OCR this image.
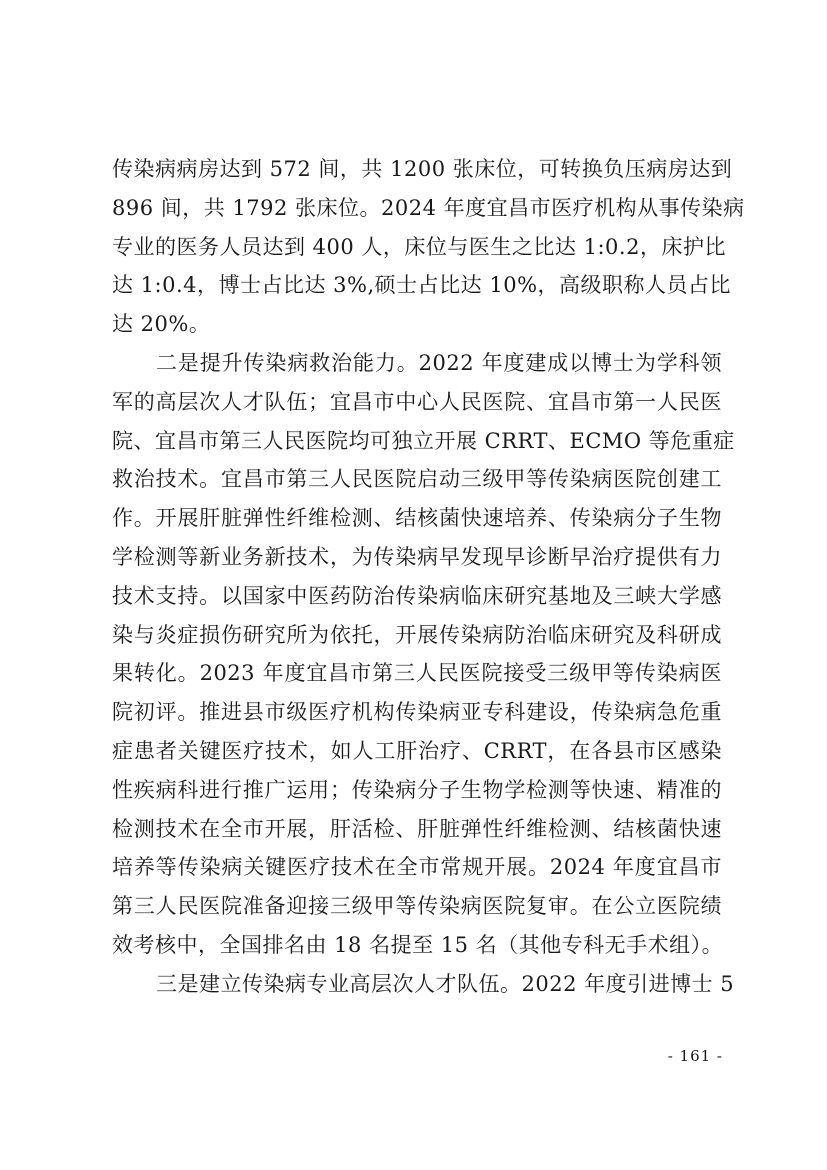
传染病病房达到 572 间，共 1200 张床位，可转换负压病房达到
896 间，共 1792 张床位。2024 年度宜昌市医疗机构从事传染病
专业的医务人员达到 400 人，床位与医生之比达 1:0.2，床护比
达 1:0.4，博士占比达 3%,硕士占比达 10%，高级职称人员占比
达 20%。
二是提升传染病救治能力。2022 年度建成以博士为学科领
军的高层次人才队伍；宜昌市中心人民医院、宜昌市第一人民医
院、宜昌市第三人民医院均可独立开展 CRRT、ECMO 等危重症
救治技术。宜昌市第三人民医院启动三级甲等传染病医院创建工
作。开展肝脏弹性纤维检测、结核菌快速培养、传染病分子生物
学检测等新业务新技术，为传染病早发现早诊断早治疗提供有力
技术支持。以国家中医药防治传染病临床研究基地及三峡大学感
染与炎症损伤研究所为依托，开展传染病防治临床研究及科研成
果转化。2023 年度宜昌市第三人民医院接受三级甲等传染病医
院初评。推进县市级医疗机构传染病亚专科建设，传染病急危重
症患者关键医疗技术，如人工肝治疗、CRRT，在各县市区感染
性疾病科进行推广运用；传染病分子生物学检测等快速、精准的
检测技术在全市开展，肝活检、肝脏弹性纤维检测、结核菌快速
培养等传染病关键医疗技术在全市常规开展。2024 年度宜昌市
第三人民医院准备迎接三级甲等传染病医院复审。在公立医院绩
效考核中，全国排名由 18 名提至 15 名（其他专科无手术组）。
三是建立传染病专业高层次人才队伍。2022 年度引进博士 5
- 161 -
